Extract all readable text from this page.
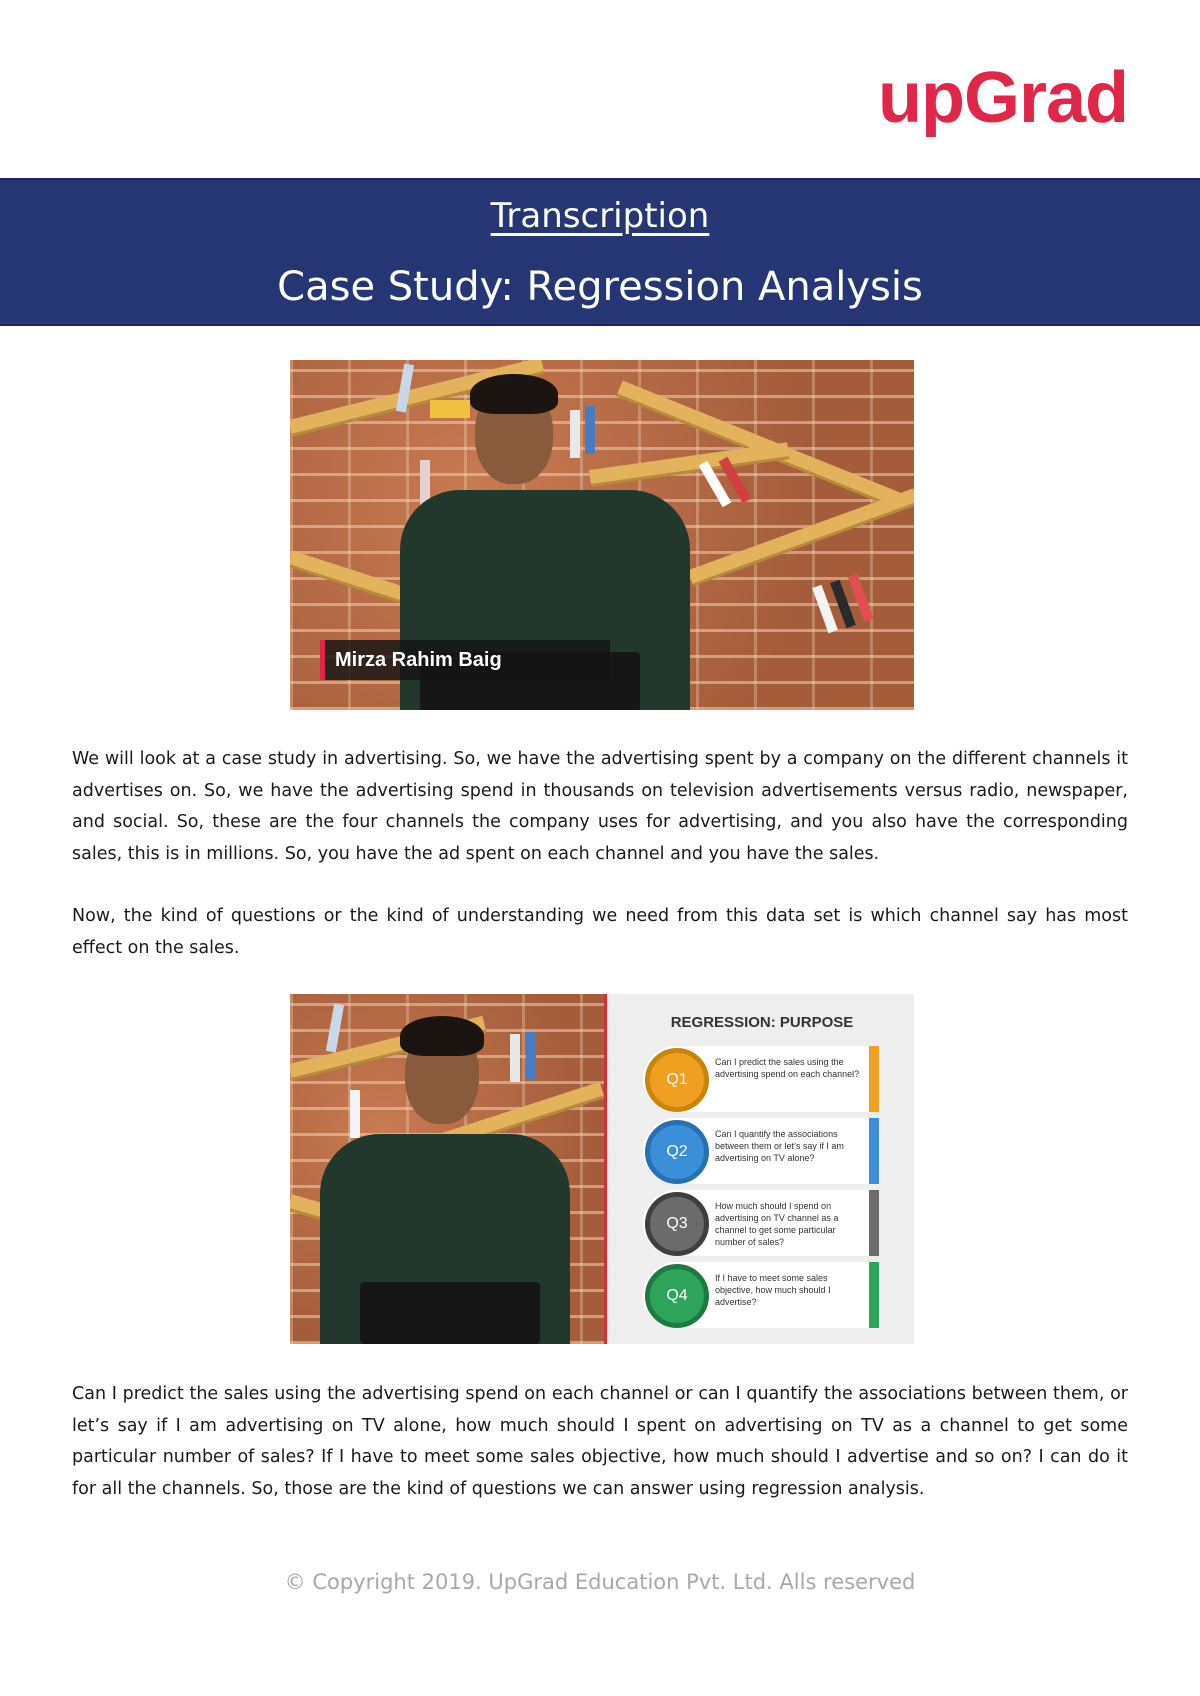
upGrad
Transcription
Case Study: Regression Analysis
Mirza Rahim Baig

We will look at a case study in advertising. So, we have the advertising spent by a company on the different channels it advertises on. So, we have the advertising spend in thousands on television advertisements versus radio, newspaper, and social. So, these are the four channels the company uses for advertising, and you also have the corresponding sales, this is in millions. So, you have the ad spent on each channel and you have the sales.

Now, the kind of questions or the kind of understanding we need from this data set is which channel say has most effect on the sales.

REGRESSION: PURPOSE
Q1
Can I predict the sales using the advertising spend on each channel?
Q2
Can I quantify the associations between them or let’s say if I am advertising on TV alone?
Q3
How much should I spend on advertising on TV channel as a channel to get some particular number of sales?
Q4
If I have to meet some sales objective, how much should I advertise?

Can I predict the sales using the advertising spend on each channel or can I quantify the associations between them, or let’s say if I am advertising on TV alone, how much should I spent on advertising on TV as a channel to get some particular number of sales? If I have to meet some sales objective, how much should I advertise and so on? I can do it for all the channels. So, those are the kind of questions we can answer using regression analysis.

© Copyright 2019. UpGrad Education Pvt. Ltd. Alls reserved
